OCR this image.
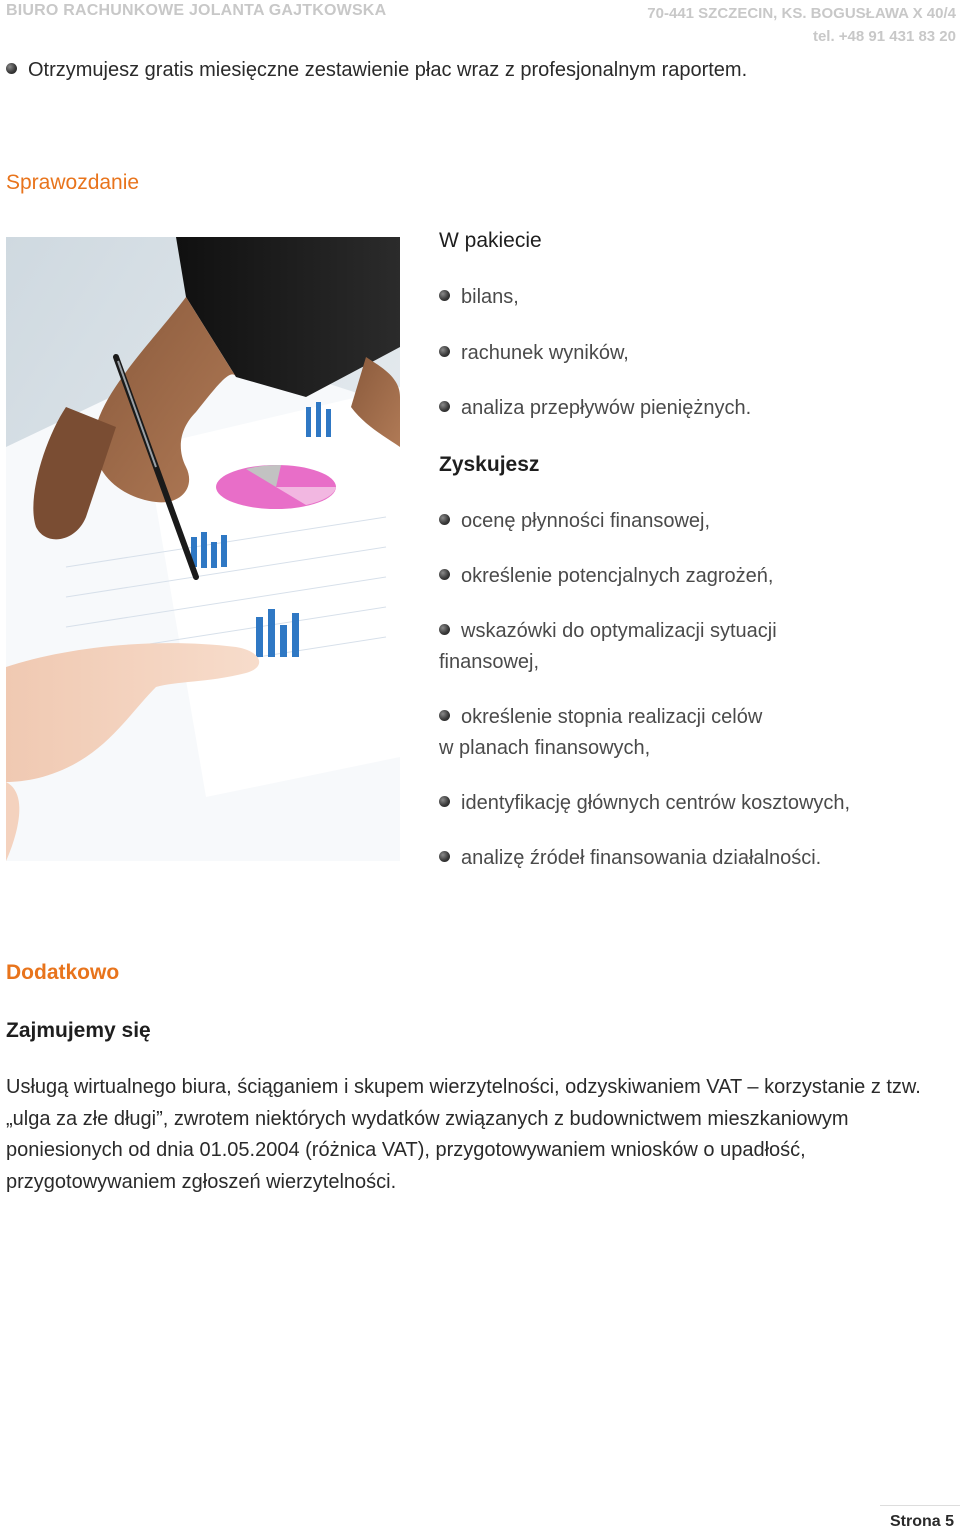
BIURO RACHUNKOWE JOLANTA GAJTKOWSKA	70-441 SZCZECIN, KS. BOGUSŁAWA X 40/4
tel. +48 91 431 83 20
Otrzymujesz gratis miesięczne zestawienie płac wraz z profesjonalnym raportem.
Sprawozdanie
W pakiecie
bilans,
rachunek wyników,
analiza przepływów pieniężnych.
Zyskujesz
ocenę płynności finansowej,
określenie potencjalnych zagrożeń,
wskazówki do optymalizacji sytuacji
finansowej,
określenie stopnia realizacji celów
w planach finansowych,
identyfikację głównych centrów kosztowych,
analizę źródeł finansowania działalności.
Dodatkowo
Zajmujemy się
Usługą wirtualnego biura, ściąganiem i skupem wierzytelności, odzyskiwaniem VAT – korzystanie z tzw. „ulga za złe długi”, zwrotem niektórych wydatków związanych z budownictwem mieszkaniowym poniesionych od dnia 01.05.2004 (różnica VAT), przygotowywaniem wniosków o upadłość, przygotowywaniem zgłoszeń wierzytelności.
Strona 5
